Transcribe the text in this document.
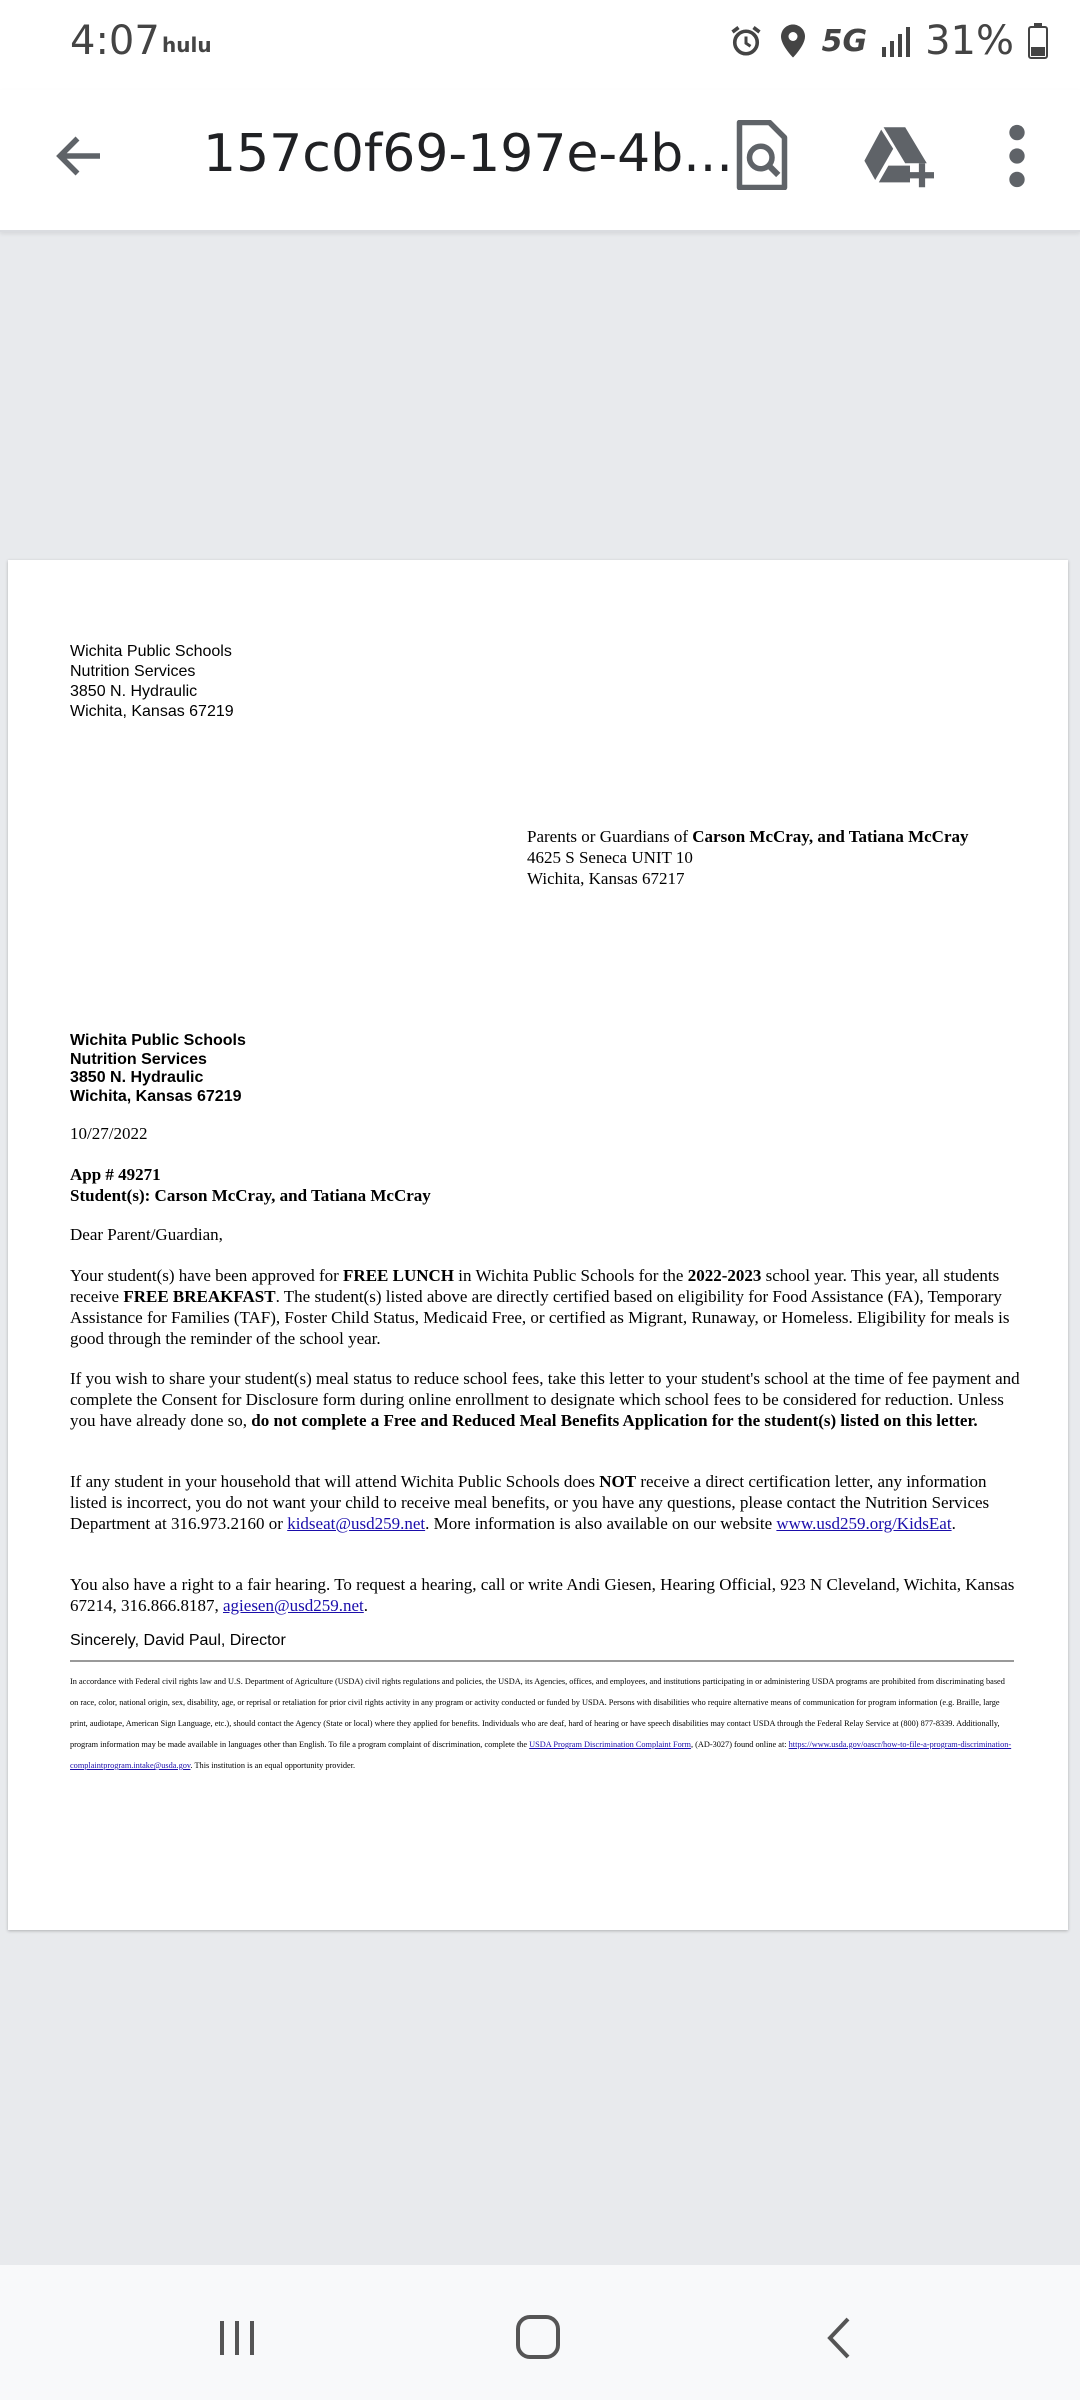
4:07 hulu	5G 31%
157c0f69-197e-4b...
Wichita Public Schools
Nutrition Services
3850 N. Hydraulic
Wichita, Kansas 67219
Parents or Guardians of Carson McCray, and Tatiana McCray
4625 S Seneca UNIT 10
Wichita, Kansas 67217
Wichita Public Schools
Nutrition Services
3850 N. Hydraulic
Wichita, Kansas 67219
10/27/2022
App # 49271
Student(s): Carson McCray, and Tatiana McCray
Dear Parent/Guardian,
Your student(s) have been approved for FREE LUNCH in Wichita Public Schools for the 2022-2023 school year. This year, all students receive FREE BREAKFAST. The student(s) listed above are directly certified based on eligibility for Food Assistance (FA), Temporary Assistance for Families (TAF), Foster Child Status, Medicaid Free, or certified as Migrant, Runaway, or Homeless. Eligibility for meals is good through the reminder of the school year.
If you wish to share your student(s) meal status to reduce school fees, take this letter to your student's school at the time of fee payment and complete the Consent for Disclosure form during online enrollment to designate which school fees to be considered for reduction. Unless you have already done so, do not complete a Free and Reduced Meal Benefits Application for the student(s) listed on this letter.
If any student in your household that will attend Wichita Public Schools does NOT receive a direct certification letter, any information listed is incorrect, you do not want your child to receive meal benefits, or you have any questions, please contact the Nutrition Services Department at 316.973.2160 or kidseat@usd259.net. More information is also available on our website www.usd259.org/KidsEat.
You also have a right to a fair hearing. To request a hearing, call or write Andi Giesen, Hearing Official, 923 N Cleveland, Wichita, Kansas 67214, 316.866.8187, agiesen@usd259.net.
Sincerely, David Paul, Director
In accordance with Federal civil rights law and U.S. Department of Agriculture (USDA) civil rights regulations and policies, the USDA, its Agencies, offices, and employees, and institutions participating in or administering USDA programs are prohibited from discriminating based on race, color, national origin, sex, disability, age, or reprisal or retaliation for prior civil rights activity in any program or activity conducted or funded by USDA. Persons with disabilities who require alternative means of communication for program information (e.g. Braille, large print, audiotape, American Sign Language, etc.), should contact the Agency (State or local) where they applied for benefits. Individuals who are deaf, hard of hearing or have speech disabilities may contact USDA through the Federal Relay Service at (800) 877-8339. Additionally, program information may be made available in languages other than English. To file a program complaint of discrimination, complete the USDA Program Discrimination Complaint Form, (AD-3027) found online at: https://www.usda.gov/oascr/how-to-file-a-program-discrimination-complaintprogram.intake@usda.gov. This institution is an equal opportunity provider.
